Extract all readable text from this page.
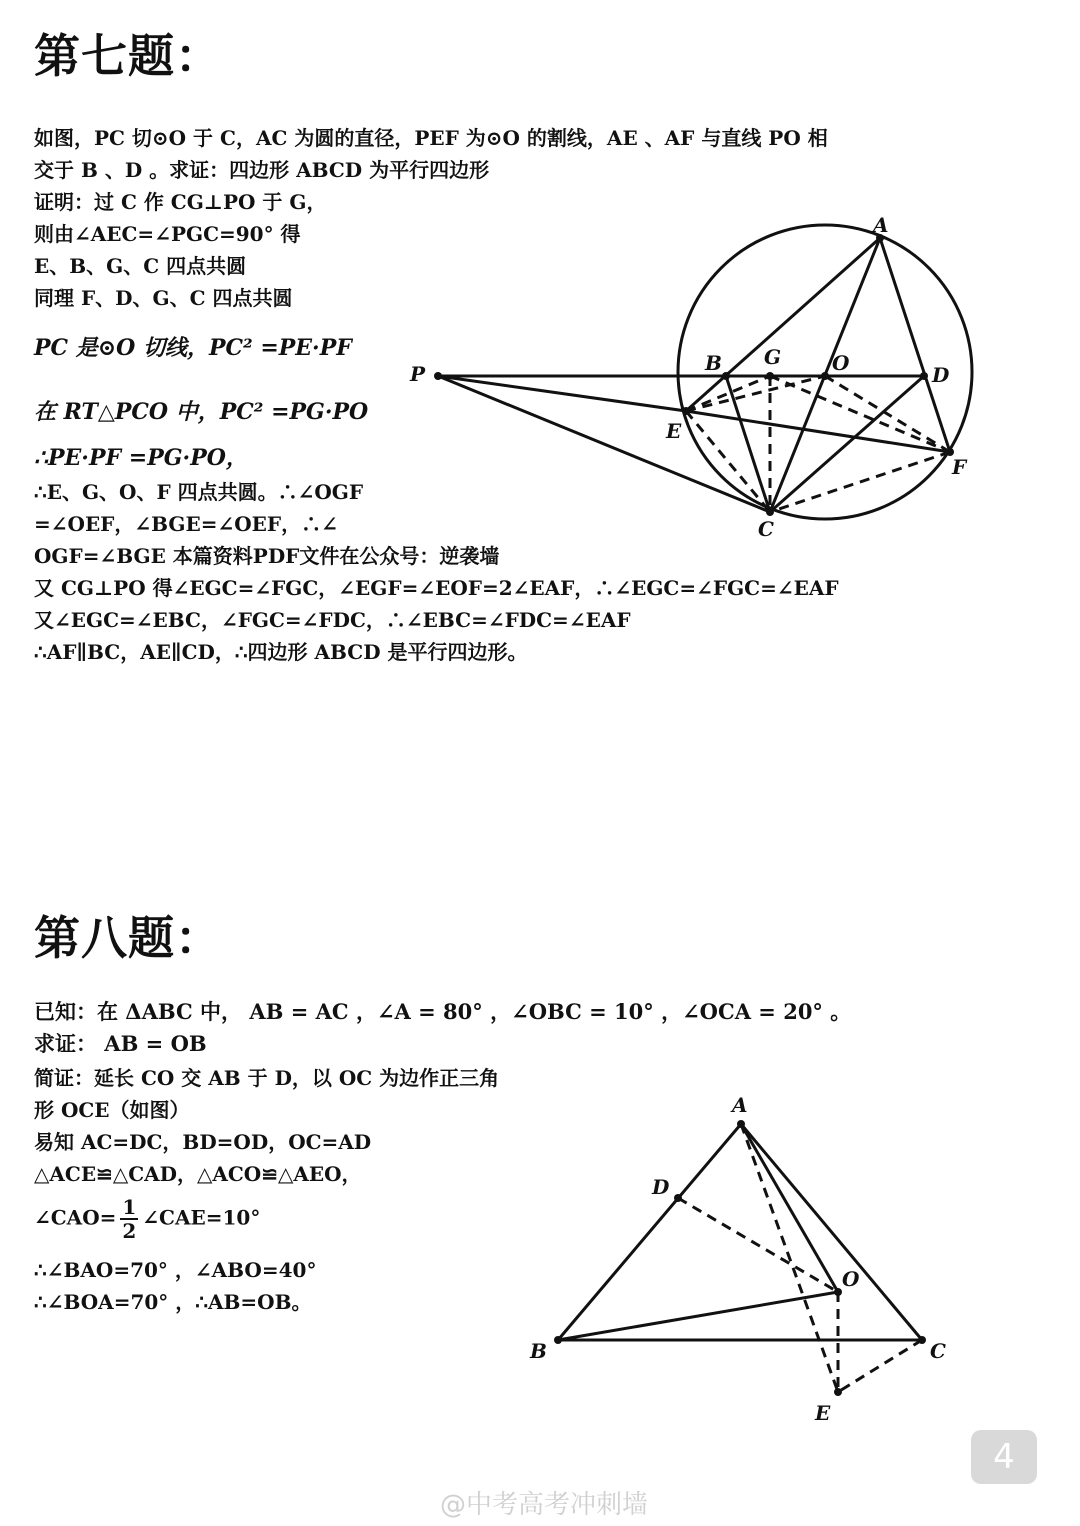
第七题：
如图，PC 切⊙O 于 C，AC 为圆的直径，PEF 为⊙O 的割线，AE 、AF 与直线 PO 相
交于 B 、D 。求证：四边形 ABCD 为平行四边形
证明：过 C 作 CG⊥PO 于 G，
则由∠AEC=∠PGC=90° 得
E、B、G、C 四点共圆
同理 F、D、G、C 四点共圆
PC 是⊙O 切线，PC² =PE·PF
在 RT△PCO 中，PC² =PG·PO
∴PE·PF =PG·PO，
∴E、G、O、F 四点共圆。∴∠OGF
=∠OEF，∠BGE=∠OEF，∴∠
OGF=∠BGE 本篇资料PDF文件在公众号：逆袭墙
又 CG⊥PO 得∠EGC=∠FGC，∠EGF=∠EOF=2∠EAF，∴∠EGC=∠FGC=∠EAF
又∠EGC=∠EBC，∠FGC=∠FDC，∴∠EBC=∠FDC=∠EAF
∴AF∥BC，AE∥CD，∴四边形 ABCD 是平行四边形。
第八题：
已知：在 ΔABC 中， AB = AC ，∠A = 80° ，∠OBC = 10° ，∠OCA = 20° 。
求证： AB = OB
简证：延长 CO 交 AB 于 D，以 OC 为边作正三角
形 OCE（如图）
易知 AC=DC，BD=OD，OC=AD
△ACE≌△CAD，△ACO≌△AEO，
∠CAO= $\frac{1}{2}$ ∠CAE=10°
∴∠BAO=70° ，∠ABO=40°
∴∠BOA=70° ，∴AB=OB。
A
B G	O	D
P
E
F
C
A
D
O
B	C
E
4
@中考高考冲刺墙
